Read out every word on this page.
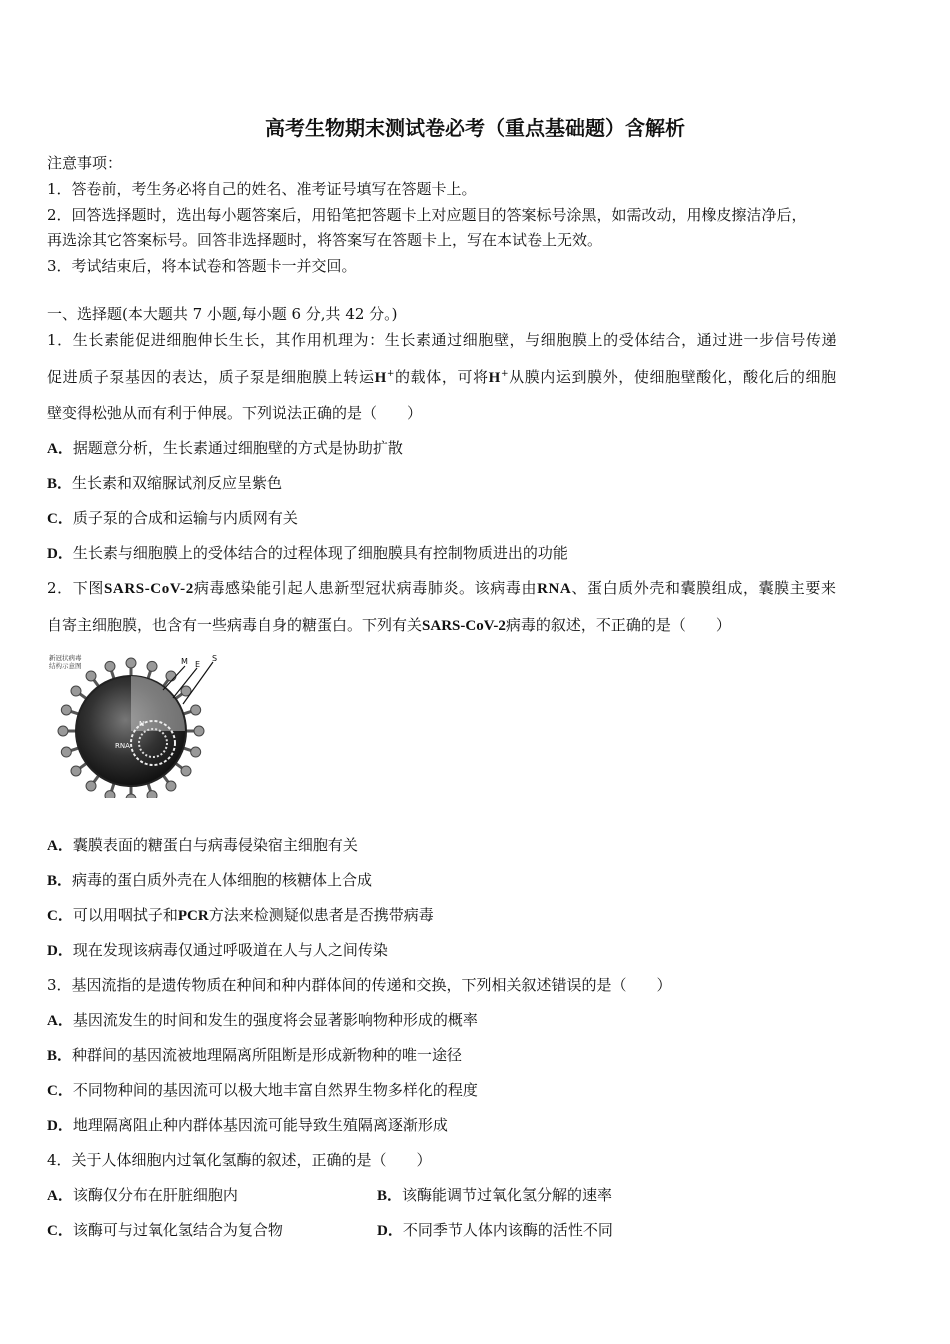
高考生物期末测试卷必考（重点基础题）含解析
注意事项：
1．答卷前，考生务必将自己的姓名、准考证号填写在答题卡上。
2．回答选择题时，选出每小题答案后，用铅笔把答题卡上对应题目的答案标号涂黑，如需改动，用橡皮擦洁净后，
再选涂其它答案标号。回答非选择题时，将答案写在答题卡上，写在本试卷上无效。
3．考试结束后，将本试卷和答题卡一并交回。
一、选择题(本大题共 7 小题,每小题 6 分,共 42 分。)
1．生长素能促进细胞伸长生长，其作用机理为：生长素通过细胞壁，与细胞膜上的受体结合，通过进一步信号传递
促进质子泵基因的表达，质子泵是细胞膜上转运H+的载体，可将H+从膜内运到膜外，使细胞壁酸化，酸化后的细胞
壁变得松弛从而有利于伸展。下列说法正确的是（　　）
A．据题意分析，生长素通过细胞壁的方式是协助扩散
B．生长素和双缩脲试剂反应呈紫色
C．质子泵的合成和运输与内质网有关
D．生长素与细胞膜上的受体结合的过程体现了细胞膜具有控制物质进出的功能
2．下图SARS-CoV-2病毒感染能引起人患新型冠状病毒肺炎。该病毒由RNA、蛋白质外壳和囊膜组成，囊膜主要来
自寄主细胞膜，也含有一些病毒自身的糖蛋白。下列有关SARS-CoV-2病毒的叙述，不正确的是（　　）
新冠状病毒
结构示意图
RNA
N
M E
S
A．囊膜表面的糖蛋白与病毒侵染宿主细胞有关
B．病毒的蛋白质外壳在人体细胞的核糖体上合成
C．可以用咽拭子和PCR方法来检测疑似患者是否携带病毒
D．现在发现该病毒仅通过呼吸道在人与人之间传染
3．基因流指的是遗传物质在种间和种内群体间的传递和交换，下列相关叙述错误的是（　　）
A．基因流发生的时间和发生的强度将会显著影响物种形成的概率
B．种群间的基因流被地理隔离所阻断是形成新物种的唯一途径
C．不同物种间的基因流可以极大地丰富自然界生物多样化的程度
D．地理隔离阻止种内群体基因流可能导致生殖隔离逐渐形成
4．关于人体细胞内过氧化氢酶的叙述，正确的是（　　）
A．该酶仅分布在肝脏细胞内	B．该酶能调节过氧化氢分解的速率
C．该酶可与过氧化氢结合为复合物	D．不同季节人体内该酶的活性不同
